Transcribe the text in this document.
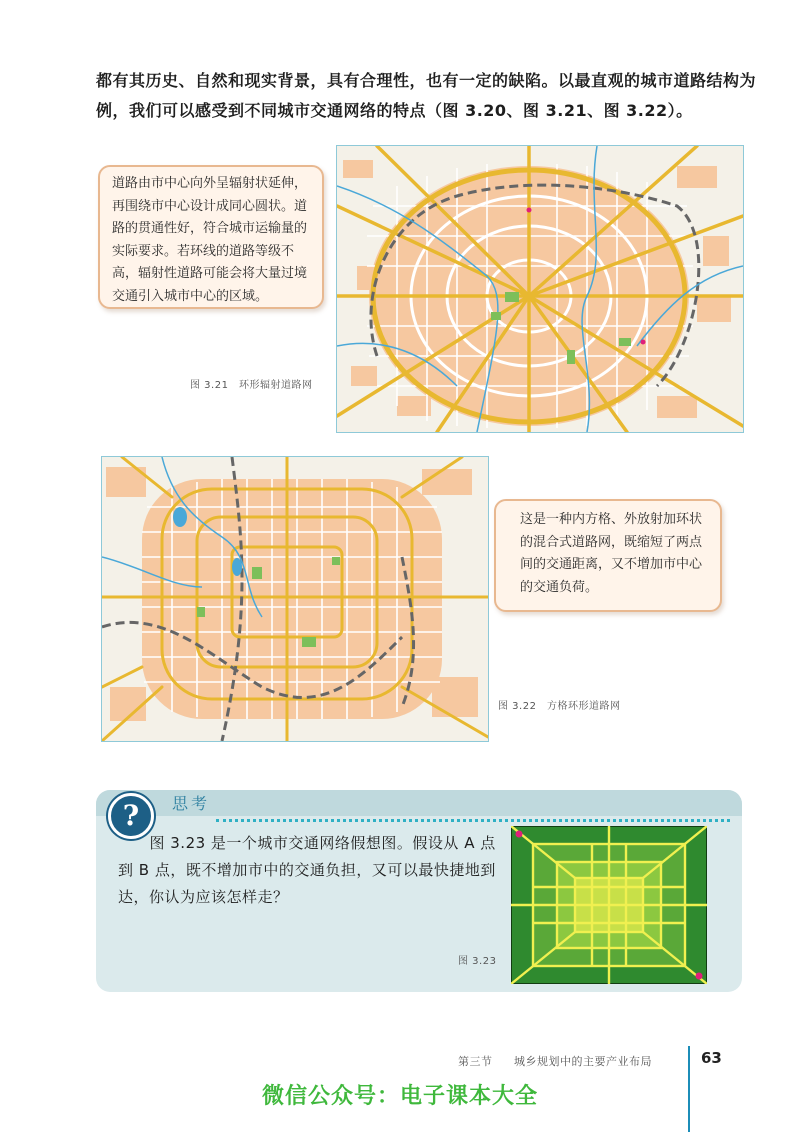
都有其历史、自然和现实背景，具有合理性，也有一定的缺陷。以最直观的城市道路结构为例，我们可以感受到不同城市交通网络的特点（图 3.20、图 3.21、图 3.22）。

道路由市中心向外呈辐射状延伸，再围绕市中心设计成同心圆状。道路的贯通性好，符合城市运输量的实际要求。若环线的道路等级不高，辐射性道路可能会将大量过境交通引入城市中心的区域。
图 3.21　环形辐射道路网
这是一种内方格、外放射加环状的混合式道路网，既缩短了两点间的交通距离，又不增加市中心的交通负荷。
图 3.22　方格环形道路网
?	思考

图 3.23 是一个城市交通网络假想图。假设从 A 点到 B 点，既不增加市中的交通负担，又可以最快捷地到达，你认为应该怎样走？

图 3.23
第三节 城乡规划中的主要产业布局	63
微信公众号：电子课本大全
